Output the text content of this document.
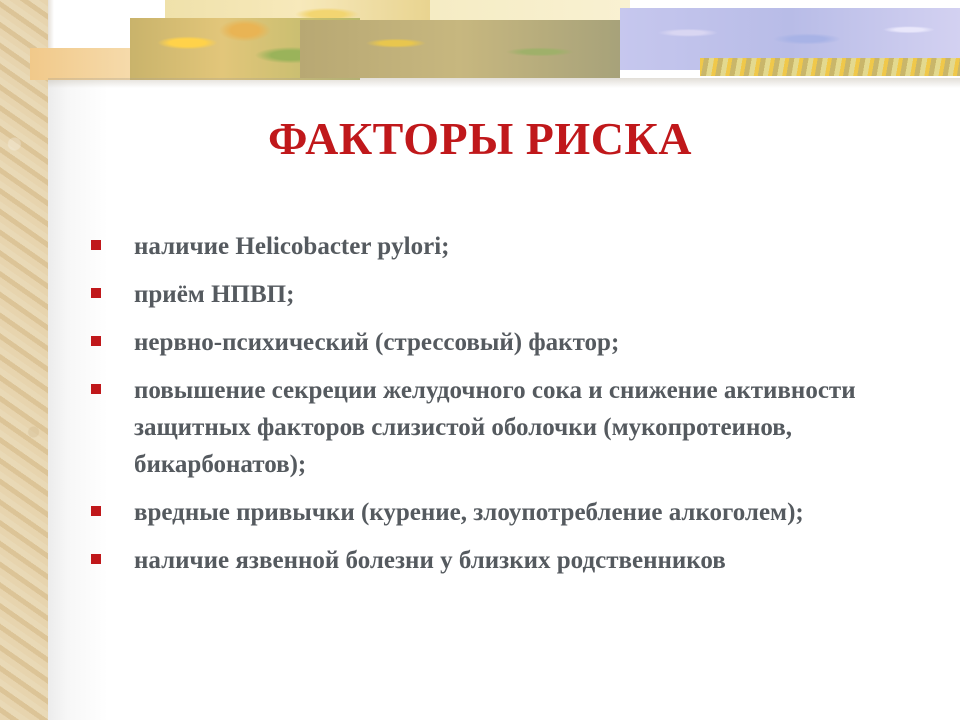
ФАКТОРЫ РИСКА
наличие Helicobacter pylori;
приём НПВП;
нервно-психический (стрессовый) фактор;
повышение секреции желудочного сока и снижение активности защитных факторов слизистой оболочки (мукопротеинов, бикарбонатов);
вредные привычки (курение, злоупотребление алкоголем);
наличие язвенной болезни у близких родственников
